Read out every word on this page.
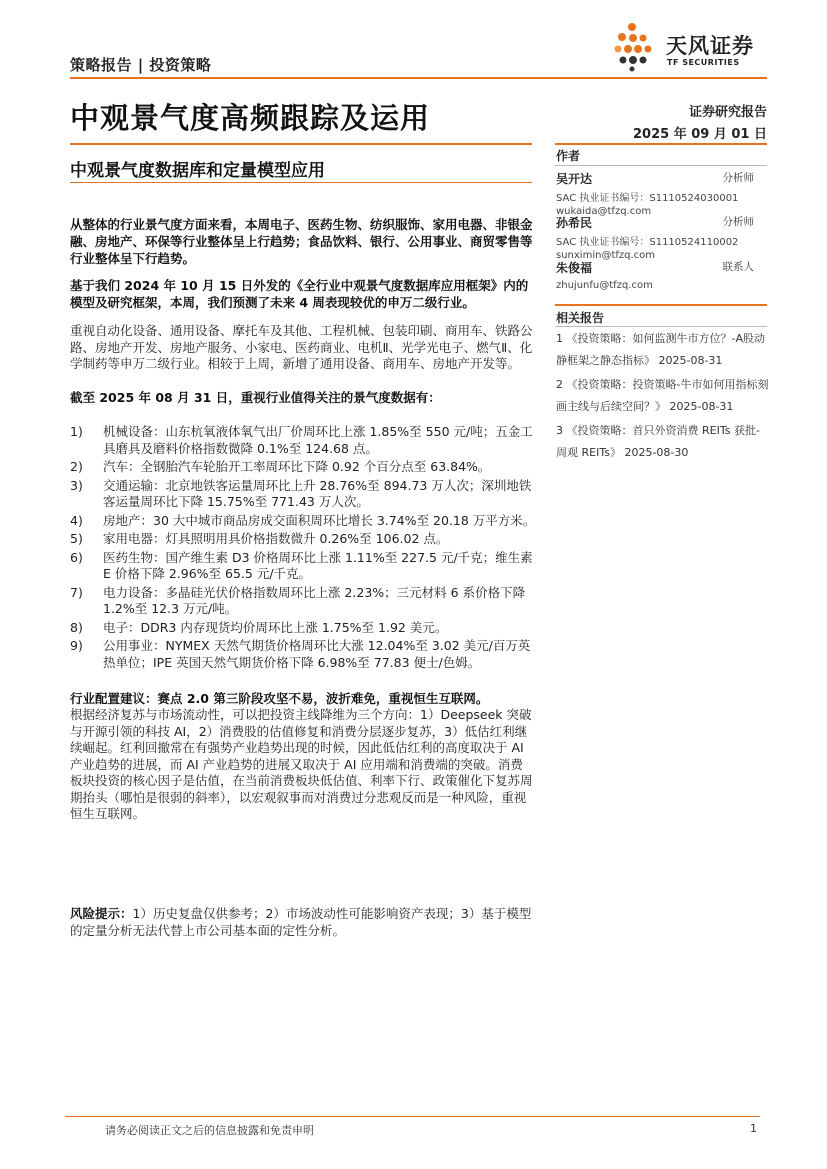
策略报告 | 投资策略
天风证券
TF SECURITIES
中观景气度高频跟踪及运用	证券研究报告
2025 年 09 月 01 日
中观景气度数据库和定量模型应用
作者
吴开达	分析师
SAC 执业证书编号：S1110524030001
wukaida@tfzq.com
孙希民	分析师
SAC 执业证书编号：S1110524110002
sunximin@tfzq.com
朱俊福	联系人
zhujunfu@tfzq.com
相关报告
1 《投资策略：如何监测牛市方位？-A股动静框架之静态指标》 2025-08-31
2 《投资策略：投资策略-牛市如何用指标刻画主线与后续空间？》 2025-08-31
3 《投资策略：首只外资消费 REITs 获批-周观 REITs》 2025-08-30
从整体的行业景气度方面来看，本周电子、医药生物、纺织服饰、家用电器、非银金融、房地产、环保等行业整体呈上行趋势；食品饮料、银行、公用事业、商贸零售等行业整体呈下行趋势。
基于我们 2024 年 10 月 15 日外发的《全行业中观景气度数据库应用框架》内的模型及研究框架，本周，我们预测了未来 4 周表现较优的申万二级行业。
重视自动化设备、通用设备、摩托车及其他、工程机械、包装印刷、商用车、铁路公路、房地产开发、房地产服务、小家电、医药商业、电机Ⅱ、光学光电子、燃气Ⅱ、化学制药等申万二级行业。相较于上周，新增了通用设备、商用车、房地产开发等。
截至 2025 年 08 月 31 日，重视行业值得关注的景气度数据有：
1)	机械设备：山东杭氧液体氧气出厂价周环比上涨 1.85%至 550 元/吨；五金工具磨具及磨料价格指数微降 0.1%至 124.68 点。
2)	汽车：全钢胎汽车轮胎开工率周环比下降 0.92 个百分点至 63.84%。
3)	交通运输：北京地铁客运量周环比上升 28.76%至 894.73 万人次；深圳地铁客运量周环比下降 15.75%至 771.43 万人次。
4)	房地产：30 大中城市商品房成交面积周环比增长 3.74%至 20.18 万平方米。
5)	家用电器：灯具照明用具价格指数微升 0.26%至 106.02 点。
6)	医药生物：国产维生素 D3 价格周环比上涨 1.11%至 227.5 元/千克；维生素 E 价格下降 2.96%至 65.5 元/千克。
7)	电力设备：多晶硅光伏价格指数周环比上涨 2.23%；三元材料 6 系价格下降 1.2%至 12.3 万元/吨。
8)	电子：DDR3 内存现货均价周环比上涨 1.75%至 1.92 美元。
9)	公用事业：NYMEX 天然气期货价格周环比大涨 12.04%至 3.02 美元/百万英热单位；IPE 英国天然气期货价格下降 6.98%至 77.83 便士/色姆。
行业配置建议：赛点 2.0 第三阶段攻坚不易，波折难免，重视恒生互联网。
根据经济复苏与市场流动性，可以把投资主线降维为三个方向：1）Deepseek 突破与开源引领的科技 AI，2）消费股的估值修复和消费分层逐步复苏，3）低估红利继续崛起。红利回撤常在有强势产业趋势出现的时候，因此低估红利的高度取决于 AI 产业趋势的进展，而 AI 产业趋势的进展又取决于 AI 应用端和消费端的突破。消费板块投资的核心因子是估值，在当前消费板块低估值、利率下行、政策催化下复苏周期抬头（哪怕是很弱的斜率），以宏观叙事而对消费过分悲观反而是一种风险，重视恒生互联网。
风险提示：1）历史复盘仅供参考；2）市场波动性可能影响资产表现；3）基于模型的定量分析无法代替上市公司基本面的定性分析。
请务必阅读正文之后的信息披露和免责申明	1
